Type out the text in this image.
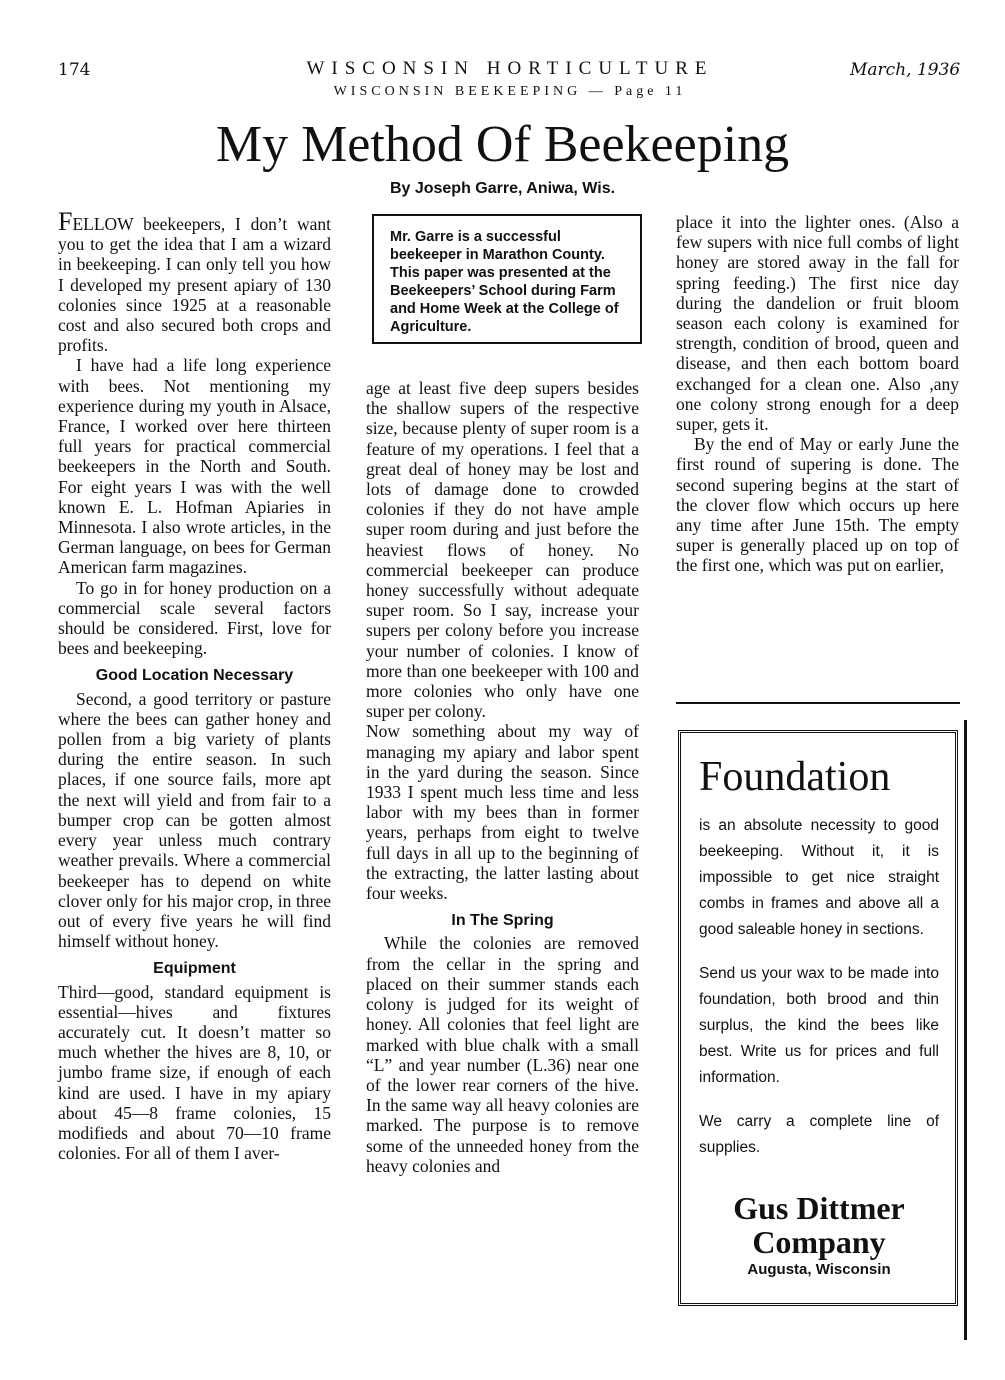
174	WISCONSIN HORTICULTURE	March, 1936
WISCONSIN BEEKEEPING — Page 11
My Method Of Beekeeping
By Joseph Garre, Aniwa, Wis.

FELLOW beekeepers, I don’t want you to get the idea that I am a wizard in beekeeping. I can only tell you how I developed my present apiary of 130 colonies since 1925 at a reasonable cost and also secured both crops and profits.

I have had a life long experience with bees. Not mentioning my experience during my youth in Alsace, France, I worked over here thirteen full years for practical commercial beekeepers in the North and South. For eight years I was with the well known E. L. Hofman Apiaries in Minnesota. I also wrote articles, in the German language, on bees for German American farm magazines.

To go in for honey production on a commercial scale several factors should be considered. First, love for bees and beekeeping.

Good Location Necessary

Second, a good territory or pasture where the bees can gather honey and pollen from a big variety of plants during the entire season. In such places, if one source fails, more apt the next will yield and from fair to a bumper crop can be gotten almost every year unless much contrary weather prevails. Where a commercial beekeeper has to depend on white clover only for his major crop, in three out of every five years he will find himself without honey.

Equipment

Third—good, standard equipment is essential—hives and fixtures accurately cut. It doesn’t matter so much whether the hives are 8, 10, or jumbo frame size, if enough of each kind are used. I have in my apiary about 45—8 frame colonies, 15 modifieds and about 70—10 frame colonies. For all of them I aver-

Mr. Garre is a successful beekeeper in Marathon County. This paper was presented at the Beekeepers’ School during Farm and Home Week at the College of Agriculture.

age at least five deep supers besides the shallow supers of the respective size, because plenty of super room is a feature of my operations. I feel that a great deal of honey may be lost and lots of damage done to crowded colonies if they do not have ample super room during and just before the heaviest flows of honey. No commercial beekeeper can produce honey successfully without adequate super room. So I say, increase your supers per colony before you increase your number of colonies. I know of more than one beekeeper with 100 and more colonies who only have one super per colony.

Now something about my way of managing my apiary and labor spent in the yard during the season. Since 1933 I spent much less time and less labor with my bees than in former years, perhaps from eight to twelve full days in all up to the beginning of the extracting, the latter lasting about four weeks.

In The Spring

While the colonies are removed from the cellar in the spring and placed on their summer stands each colony is judged for its weight of honey. All colonies that feel light are marked with blue chalk with a small “L” and year number (L.36) near one of the lower rear corners of the hive. In the same way all heavy colonies are marked. The purpose is to remove some of the unneeded honey from the heavy colonies and

place it into the lighter ones. (Also a few supers with nice full combs of light honey are stored away in the fall for spring feeding.) The first nice day during the dandelion or fruit bloom season each colony is examined for strength, condition of brood, queen and disease, and then each bottom board exchanged for a clean one. Also ,any one colony strong enough for a deep super, gets it.

By the end of May or early June the first round of supering is done. The second supering begins at the start of the clover flow which occurs up here any time after June 15th. The empty super is generally placed up on top of the first one, which was put on earlier,

Foundation

is an absolute necessity to good beekeeping. Without it, it is impossible to get nice straight combs in frames and above all a good saleable honey in sections.

Send us your wax to be made into foundation, both brood and thin surplus, the kind the bees like best. Write us for prices and full information.

We carry a complete line of supplies.

Gus Dittmer
Company
Augusta, Wisconsin
